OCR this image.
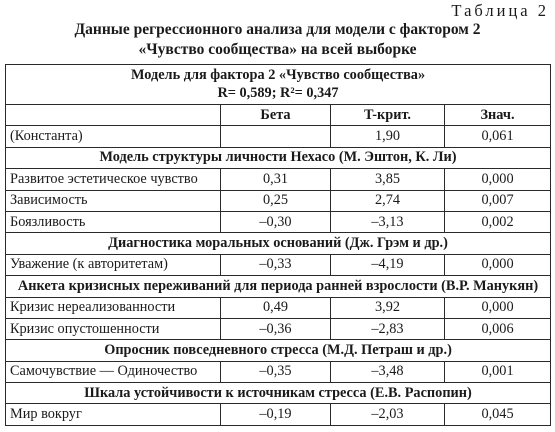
Таблица 2
Данные регрессионного анализа для модели с фактором 2
«Чувство сообщества» на всей выборке
Модель для фактора 2 «Чувство сообщества»
R= 0,589; R²= 0,347			

	Бета	T-крит.	Знач.
(Константа)		1,90	0,061
Модель структуры личности Нехасо (М. Эштон, К. Ли)			
Развитое эстетическое чувство	0,31	3,85	0,000
Зависимость	0,25	2,74	0,007
Боязливость	–0,30	–3,13	0,002
Диагностика моральных оснований (Дж. Грэм и др.)			
Уважение (к авторитетам)	–0,33	–4,19	0,000
Анкета кризисных переживаний для периода ранней взрослости (В.Р. Манукян)			
Кризис нереализованности	0,49	3,92	0,000
Кризис опустошенности	–0,36	–2,83	0,006
Опросник повседневного стресса (М.Д. Петраш и др.)			
Самочувствие — Одиночество	–0,35	–3,48	0,001
Шкала устойчивости к источникам стресса (Е.В. Распопин)			
Мир вокруг	–0,19	–2,03	0,045
